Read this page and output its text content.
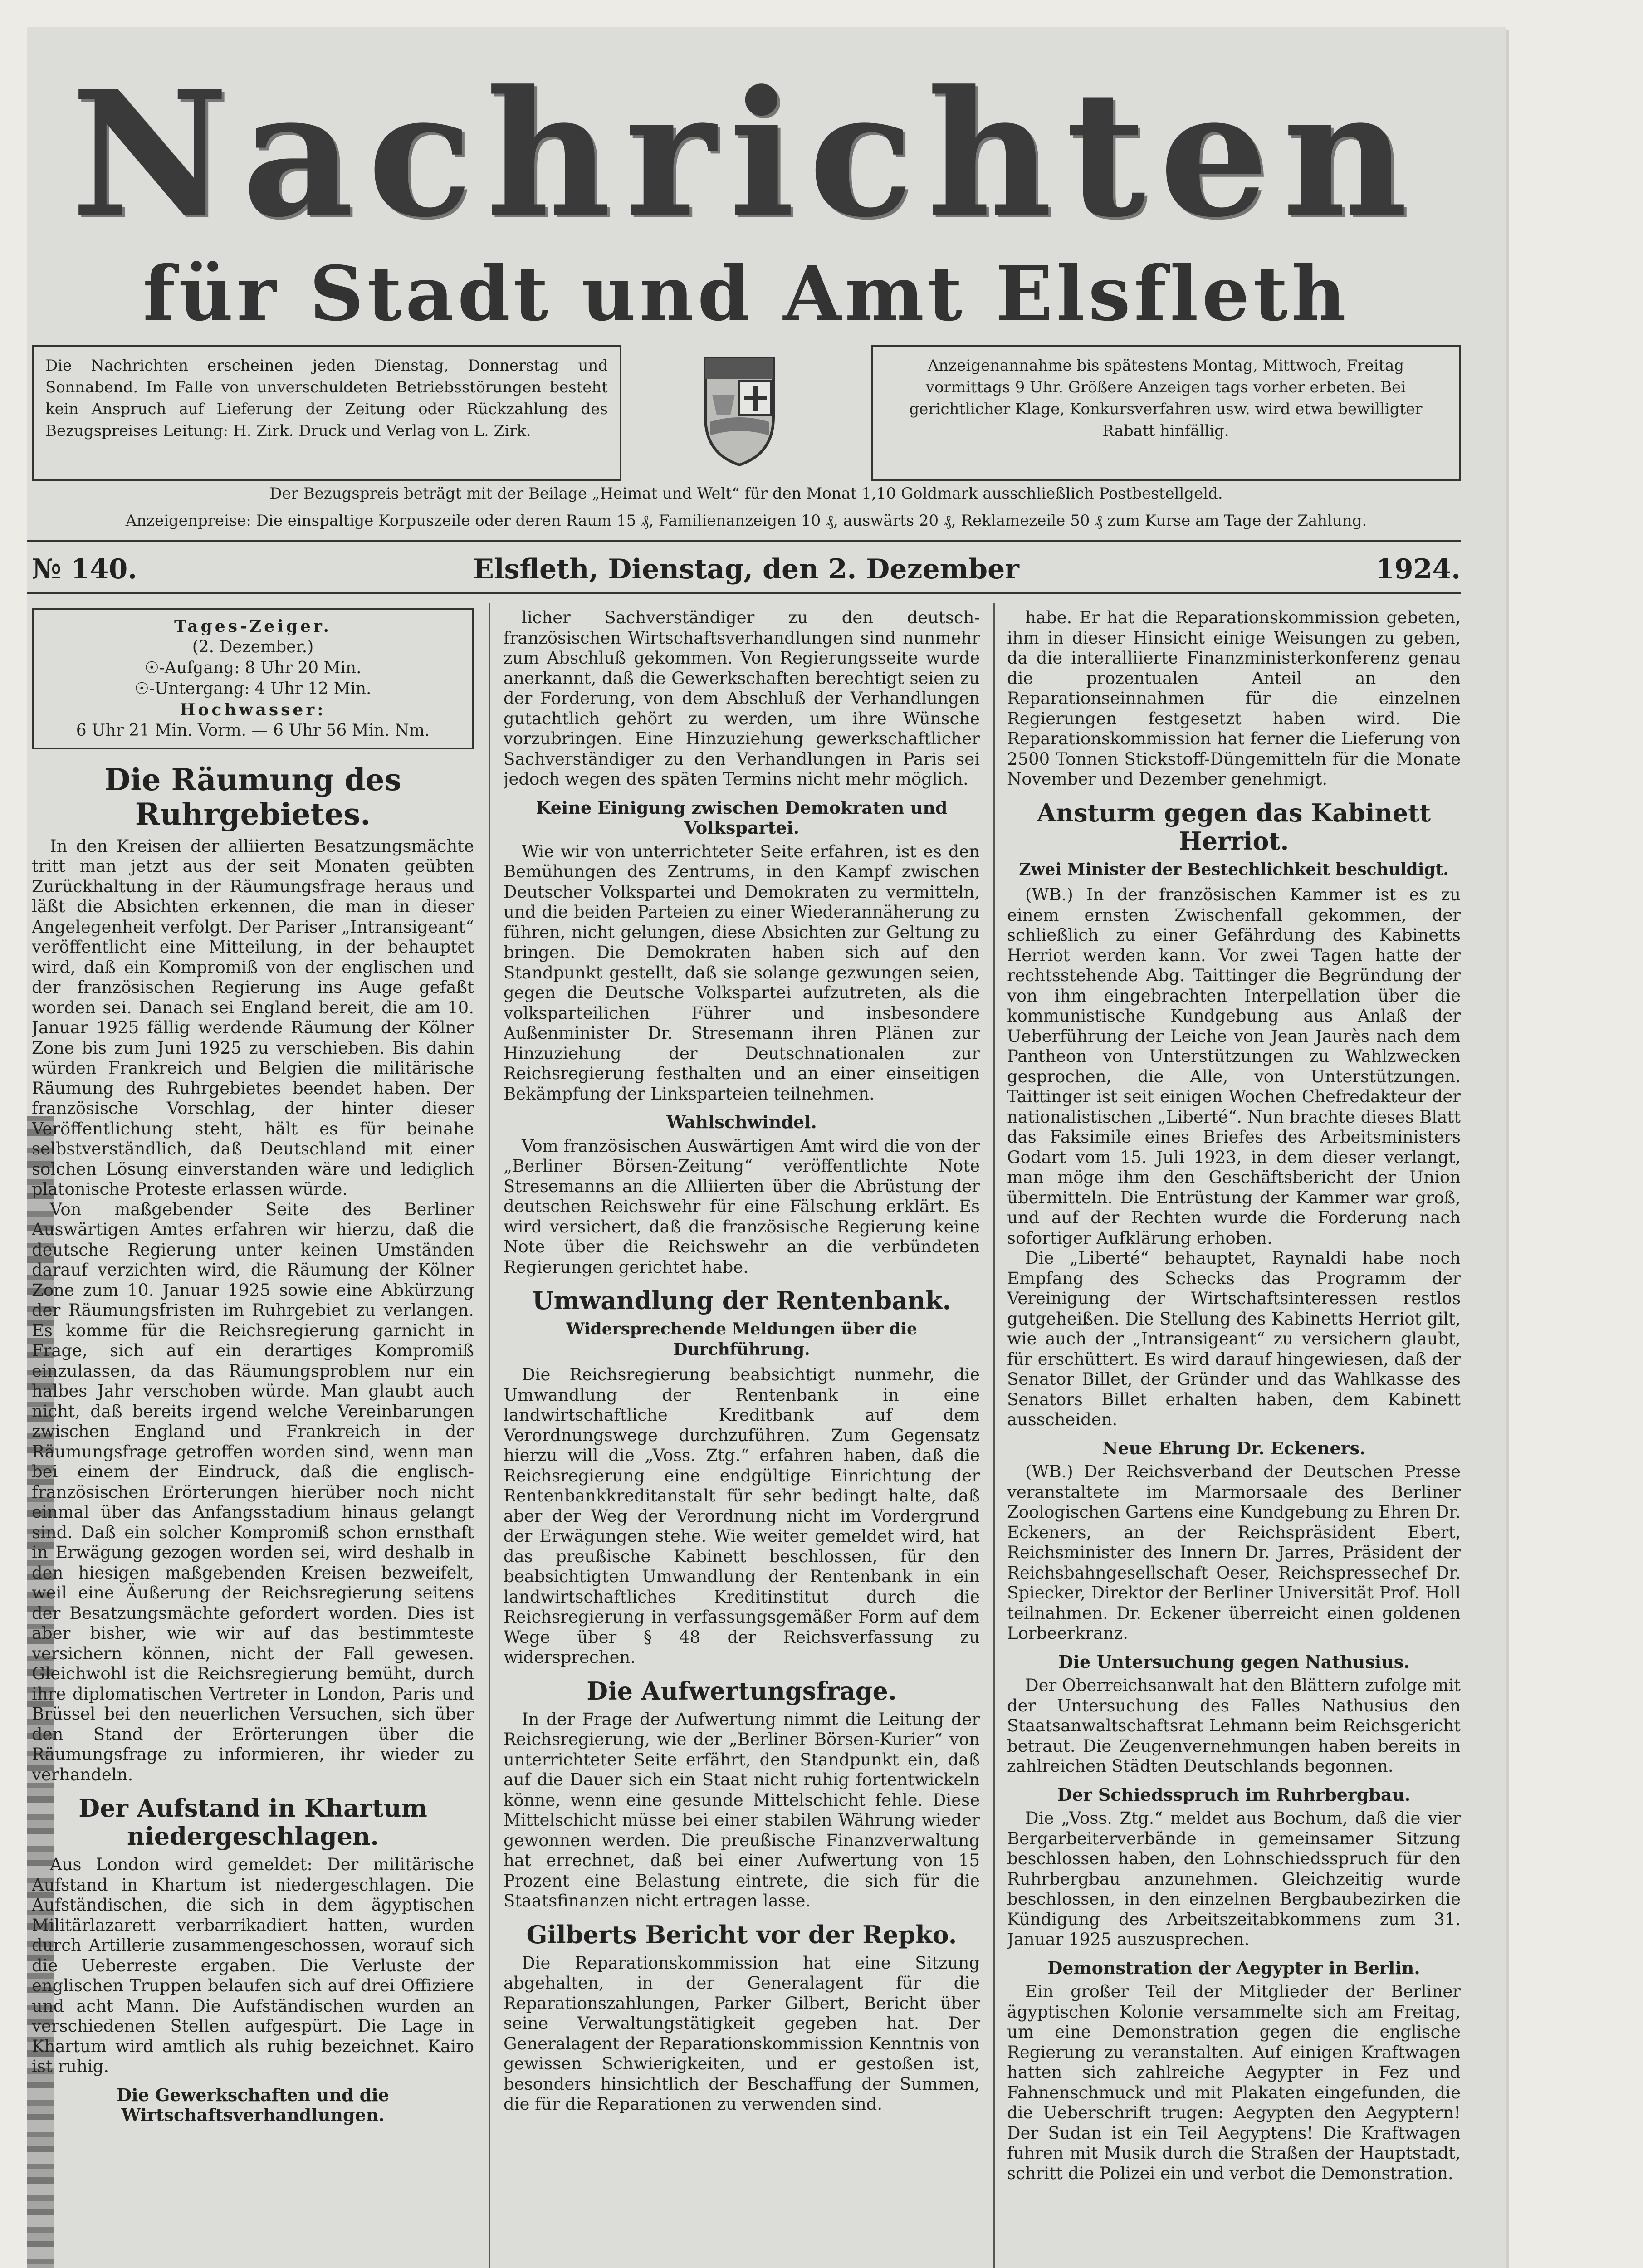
Nachrichten
für Stadt und Amt Elsfleth
Die Nachrichten erscheinen jeden Dienstag, Donnerstag und Sonnabend. Im Falle von unverschuldeten Betriebsstörungen besteht kein Anspruch auf Lieferung der Zeitung oder Rückzahlung des Bezugspreises Leitung: H. Zirk. Druck und Verlag von L. Zirk.
Anzeigenannahme bis spätestens Montag, Mittwoch, Freitag vormittags 9 Uhr. Größere Anzeigen tags vorher erbeten. Bei gerichtlicher Klage, Konkursverfahren usw. wird etwa bewilligter Rabatt hinfällig.
Der Bezugspreis beträgt mit der Beilage „Heimat und Welt“ für den Monat 1,10 Goldmark ausschließlich Postbestellgeld.
Anzeigenpreise: Die einspaltige Korpuszeile oder deren Raum 15 ₰, Familienanzeigen 10 ₰, auswärts 20 ₰, Reklamezeile 50 ₰ zum Kurse am Tage der Zahlung.
№ 140.	Elsfleth, Dienstag, den 2. Dezember	1924.
Tages-Zeiger.
(2. Dezember.)
☉-Aufgang: 8 Uhr 20 Min.
☉-Untergang: 4 Uhr 12 Min.
Hochwasser:
6 Uhr 21 Min. Vorm. — 6 Uhr 56 Min. Nm.
Die Räumung des Ruhrgebietes.

In den Kreisen der alliierten Besatzungsmächte tritt man jetzt aus der seit Monaten geübten Zurückhaltung in der Räumungsfrage heraus und läßt die Absichten erkennen, die man in dieser Angelegenheit verfolgt. Der Pariser „Intransigeant“ veröffentlicht eine Mitteilung, in der behauptet wird, daß ein Kompromiß von der englischen und der französischen Regierung ins Auge gefaßt worden sei. Danach sei England bereit, die am 10. Januar 1925 fällig werdende Räumung der Kölner Zone bis zum Juni 1925 zu verschieben. Bis dahin würden Frankreich und Belgien die militärische Räumung des Ruhrgebietes beendet haben. Der französische Vorschlag, der hinter dieser Veröffentlichung steht, hält es für beinahe selbstverständlich, daß Deutschland mit einer solchen Lösung einverstanden wäre und lediglich platonische Proteste erlassen würde.

Von maßgebender Seite des Berliner Auswärtigen Amtes erfahren wir hierzu, daß die deutsche Regierung unter keinen Umständen darauf verzichten wird, die Räumung der Kölner Zone zum 10. Januar 1925 sowie eine Abkürzung der Räumungsfristen im Ruhrgebiet zu verlangen. Es komme für die Reichsregierung garnicht in Frage, sich auf ein derartiges Kompromiß einzulassen, da das Räumungsproblem nur ein halbes Jahr verschoben würde. Man glaubt auch nicht, daß bereits irgend welche Vereinbarungen zwischen England und Frankreich in der Räumungsfrage getroffen worden sind, wenn man bei einem der Eindruck, daß die englisch-französischen Erörterungen hierüber noch nicht einmal über das Anfangsstadium hinaus gelangt sind. Daß ein solcher Kompromiß schon ernsthaft in Erwägung gezogen worden sei, wird deshalb in den hiesigen maßgebenden Kreisen bezweifelt, weil eine Äußerung der Reichsregierung seitens der Besatzungsmächte gefordert worden. Dies ist aber bisher, wie wir auf das bestimmteste versichern können, nicht der Fall gewesen. Gleichwohl ist die Reichsregierung bemüht, durch ihre diplomatischen Vertreter in London, Paris und Brüssel bei den neuerlichen Versuchen, sich über den Stand der Erörterungen über die Räumungsfrage zu informieren, ihr wieder zu verhandeln.

Der Aufstand in Khartum niedergeschlagen.

Aus London wird gemeldet: Der militärische Aufstand in Khartum ist niedergeschlagen. Die Aufständischen, die sich in dem ägyptischen Militärlazarett verbarrikadiert hatten, wurden durch Artillerie zusammengeschossen, worauf sich die Ueberreste ergaben. Die Verluste der englischen Truppen belaufen sich auf drei Offiziere und acht Mann. Die Aufständischen wurden an verschiedenen Stellen aufgespürt. Die Lage in Khartum wird amtlich als ruhig bezeichnet. Kairo ist ruhig.

Die Gewerkschaften und die Wirtschaftsverhandlungen.

licher Sachverständiger zu den deutsch-französischen Wirtschaftsverhandlungen sind nunmehr zum Abschluß gekommen. Von Regierungsseite wurde anerkannt, daß die Gewerkschaften berechtigt seien zu der Forderung, von dem Abschluß der Verhandlungen gutachtlich gehört zu werden, um ihre Wünsche vorzubringen. Eine Hinzuziehung gewerkschaftlicher Sachverständiger zu den Verhandlungen in Paris sei jedoch wegen des späten Termins nicht mehr möglich.

Keine Einigung zwischen Demokraten und Volkspartei.

Wie wir von unterrichteter Seite erfahren, ist es den Bemühungen des Zentrums, in den Kampf zwischen Deutscher Volkspartei und Demokraten zu vermitteln, und die beiden Parteien zu einer Wiederannäherung zu führen, nicht gelungen, diese Absichten zur Geltung zu bringen. Die Demokraten haben sich auf den Standpunkt gestellt, daß sie solange gezwungen seien, gegen die Deutsche Volkspartei aufzutreten, als die volksparteilichen Führer und insbesondere Außenminister Dr. Stresemann ihren Plänen zur Hinzuziehung der Deutschnationalen zur Reichsregierung festhalten und an einer einseitigen Bekämpfung der Linksparteien teilnehmen.

Wahlschwindel.

Vom französischen Auswärtigen Amt wird die von der „Berliner Börsen-Zeitung“ veröffentlichte Note Stresemanns an die Alliierten über die Abrüstung der deutschen Reichswehr für eine Fälschung erklärt. Es wird versichert, daß die französische Regierung keine Note über die Reichswehr an die verbündeten Regierungen gerichtet habe.

Umwandlung der Rentenbank.
Widersprechende Meldungen über die Durchführung.

Die Reichsregierung beabsichtigt nunmehr, die Umwandlung der Rentenbank in eine landwirtschaftliche Kreditbank auf dem Verordnungswege durchzuführen. Zum Gegensatz hierzu will die „Voss. Ztg.“ erfahren haben, daß die Reichsregierung eine endgültige Einrichtung der Rentenbankkreditanstalt für sehr bedingt halte, daß aber der Weg der Verordnung nicht im Vordergrund der Erwägungen stehe. Wie weiter gemeldet wird, hat das preußische Kabinett beschlossen, für den beabsichtigten Umwandlung der Rentenbank in ein landwirtschaftliches Kreditinstitut durch die Reichsregierung in verfassungsgemäßer Form auf dem Wege über § 48 der Reichsverfassung zu widersprechen.

Die Aufwertungsfrage.

In der Frage der Aufwertung nimmt die Leitung der Reichsregierung, wie der „Berliner Börsen-Kurier“ von unterrichteter Seite erfährt, den Standpunkt ein, daß auf die Dauer sich ein Staat nicht ruhig fortentwickeln könne, wenn eine gesunde Mittelschicht fehle. Diese Mittelschicht müsse bei einer stabilen Währung wieder gewonnen werden. Die preußische Finanzverwaltung hat errechnet, daß bei einer Aufwertung von 15 Prozent eine Belastung eintrete, die sich für die Staatsfinanzen nicht ertragen lasse.

Gilberts Bericht vor der Repko.

Die Reparationskommission hat eine Sitzung abgehalten, in der Generalagent für die Reparationszahlungen, Parker Gilbert, Bericht über seine Verwaltungstätigkeit gegeben hat. Der Generalagent der Reparationskommission Kenntnis von gewissen Schwierigkeiten, und er gestoßen ist, besonders hinsichtlich der Beschaffung der Summen, die für die Reparationen zu verwenden sind.

habe. Er hat die Reparationskommission gebeten, ihm in dieser Hinsicht einige Weisungen zu geben, da die interalliierte Finanzministerkonferenz genau die prozentualen Anteil an den Reparationseinnahmen für die einzelnen Regierungen festgesetzt haben wird. Die Reparationskommission hat ferner die Lieferung von 2500 Tonnen Stickstoff-Düngemitteln für die Monate November und Dezember genehmigt.

Ansturm gegen das Kabinett Herriot.
Zwei Minister der Bestechlichkeit beschuldigt.

(WB.) In der französischen Kammer ist es zu einem ernsten Zwischenfall gekommen, der schließlich zu einer Gefährdung des Kabinetts Herriot werden kann. Vor zwei Tagen hatte der rechtsstehende Abg. Taittinger die Begründung der von ihm eingebrachten Interpellation über die kommunistische Kundgebung aus Anlaß der Ueberführung der Leiche von Jean Jaurès nach dem Pantheon von Unterstützungen zu Wahlzwecken gesprochen, die Alle, von Unterstützungen. Taittinger ist seit einigen Wochen Chefredakteur der nationalistischen „Liberté“. Nun brachte dieses Blatt das Faksimile eines Briefes des Arbeitsministers Godart vom 15. Juli 1923, in dem dieser verlangt, man möge ihm den Geschäftsbericht der Union übermitteln. Die Entrüstung der Kammer war groß, und auf der Rechten wurde die Forderung nach sofortiger Aufklärung erhoben.

Die „Liberté“ behauptet, Raynaldi habe noch Empfang des Schecks das Programm der Vereinigung der Wirtschaftsinteressen restlos gutgeheißen. Die Stellung des Kabinetts Herriot gilt, wie auch der „Intransigeant“ zu versichern glaubt, für erschüttert. Es wird darauf hingewiesen, daß der Senator Billet, der Gründer und das Wahlkasse des Senators Billet erhalten haben, dem Kabinett ausscheiden.

Neue Ehrung Dr. Eckeners.

(WB.) Der Reichsverband der Deutschen Presse veranstaltete im Marmorsaale des Berliner Zoologischen Gartens eine Kundgebung zu Ehren Dr. Eckeners, an der Reichspräsident Ebert, Reichsminister des Innern Dr. Jarres, Präsident der Reichsbahngesellschaft Oeser, Reichspressechef Dr. Spiecker, Direktor der Berliner Universität Prof. Holl teilnahmen. Dr. Eckener überreicht einen goldenen Lorbeerkranz.

Die Untersuchung gegen Nathusius.

Der Oberreichsanwalt hat den Blättern zufolge mit der Untersuchung des Falles Nathusius den Staatsanwaltschaftsrat Lehmann beim Reichsgericht betraut. Die Zeugenvernehmungen haben bereits in zahlreichen Städten Deutschlands begonnen.

Der Schiedsspruch im Ruhrbergbau.

Die „Voss. Ztg.“ meldet aus Bochum, daß die vier Bergarbeiterverbände in gemeinsamer Sitzung beschlossen haben, den Lohnschiedsspruch für den Ruhrbergbau anzunehmen. Gleichzeitig wurde beschlossen, in den einzelnen Bergbaubezirken die Kündigung des Arbeitszeitabkommens zum 31. Januar 1925 auszusprechen.

Demonstration der Aegypter in Berlin.

Ein großer Teil der Mitglieder der Berliner ägyptischen Kolonie versammelte sich am Freitag, um eine Demonstration gegen die englische Regierung zu veranstalten. Auf einigen Kraftwagen hatten sich zahlreiche Aegypter in Fez und Fahnenschmuck und mit Plakaten eingefunden, die die Ueberschrift trugen: Aegypten den Aegyptern! Der Sudan ist ein Teil Aegyptens! Die Kraftwagen fuhren mit Musik durch die Straßen der Hauptstadt, schritt die Polizei ein und verbot die Demonstration.
